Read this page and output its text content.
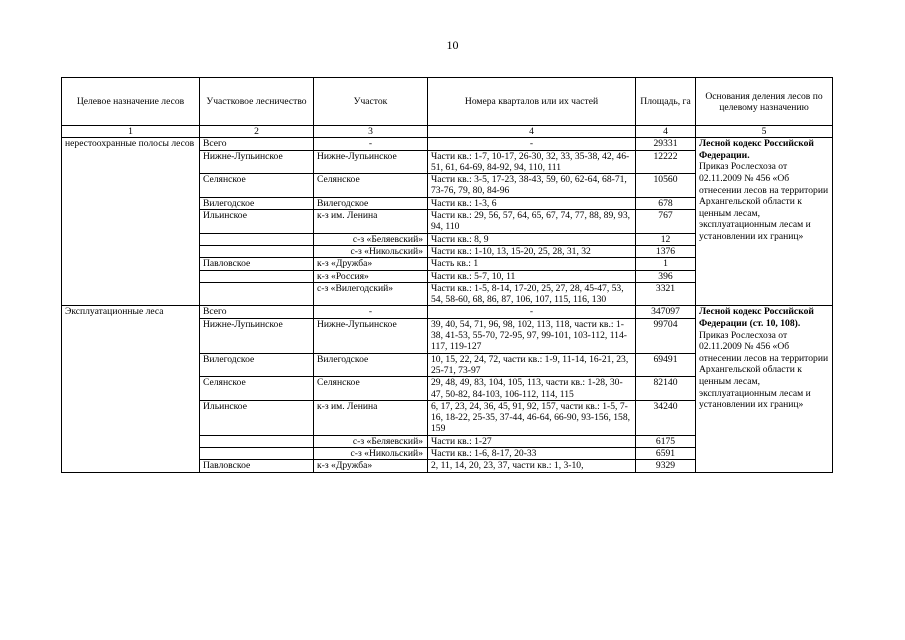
10
Целевое назначение лесов	Участковое лесничество	Участок	Номера кварталов или их частей	Площадь, га	Основания деления лесов по целевому назначению
1	2	3	4	4	5
нерестоохранные полосы лесов	Всего	-	-	29331	Лесной кодекс Российской Федерации.
Приказ Рослесхоза от 02.11.2009 № 456 «Об отнесении лесов на территории Архангельской области к ценным лесам, эксплуатационным лесам и установлении их границ»
	Нижне-Лупьинское	Нижне-Лупьинское	Части кв.: 1-7, 10-17, 26-30, 32, 33, 35-38, 42, 46-51, 61, 64-69, 84-92, 94, 110, 111	12222	
	Селянское	Селянское	Части кв.: 3-5, 17-23, 38-43, 59, 60, 62-64, 68-71, 73-76, 79, 80, 84-96	10560	
	Вилегодское	Вилегодское	Части кв.: 1-3, 6	678	
	Ильинское	к-з им. Ленина	Части кв.: 29, 56, 57, 64, 65, 67, 74, 77, 88, 89, 93, 94, 110	767	
		с-з «Беляевский»	Части кв.: 8, 9	12	
		с-з «Никольский»	Части кв.: 1-10, 13, 15-20, 25, 28, 31, 32	1376	
	Павловское	к-з «Дружба»	Часть кв.: 1	1	
		к-з «Россия»	Части кв.: 5-7, 10, 11	396	
		с-з «Вилегодский»	Части кв.: 1-5, 8-14, 17-20, 25, 27, 28, 45-47, 53, 54, 58-60, 68, 86, 87, 106, 107, 115, 116, 130	3321	
Эксплуатационные леса	Всего	-	-	347097	Лесной кодекс Российской Федерации (ст. 10, 108).
Приказ Рослесхоза от 02.11.2009 № 456 «Об отнесении лесов на территории Архангельской области к ценным лесам, эксплуатационным лесам и установлении их границ»
	Нижне-Лупьинское	Нижне-Лупьинское	39, 40, 54, 71, 96, 98, 102, 113, 118, части кв.: 1-38, 41-53, 55-70, 72-95, 97, 99-101, 103-112, 114-117, 119-127	99704	
	Вилегодское	Вилегодское	10, 15, 22, 24, 72, части кв.: 1-9, 11-14, 16-21, 23, 25-71, 73-97	69491	
	Селянское	Селянское	29, 48, 49, 83, 104, 105, 113, части кв.: 1-28, 30-47, 50-82, 84-103, 106-112, 114, 115	82140	
	Ильинское	к-з им. Ленина	6, 17, 23, 24, 36, 45, 91, 92, 157, части кв.: 1-5, 7-16, 18-22, 25-35, 37-44, 46-64, 66-90, 93-156, 158, 159	34240	
		с-з «Беляевский»	Части кв.: 1-27	6175	
		с-з «Никольский»	Части кв.: 1-6, 8-17, 20-33	6591	
	Павловское	к-з «Дружба»	2, 11, 14, 20, 23, 37, части кв.: 1, 3-10,	9329	
